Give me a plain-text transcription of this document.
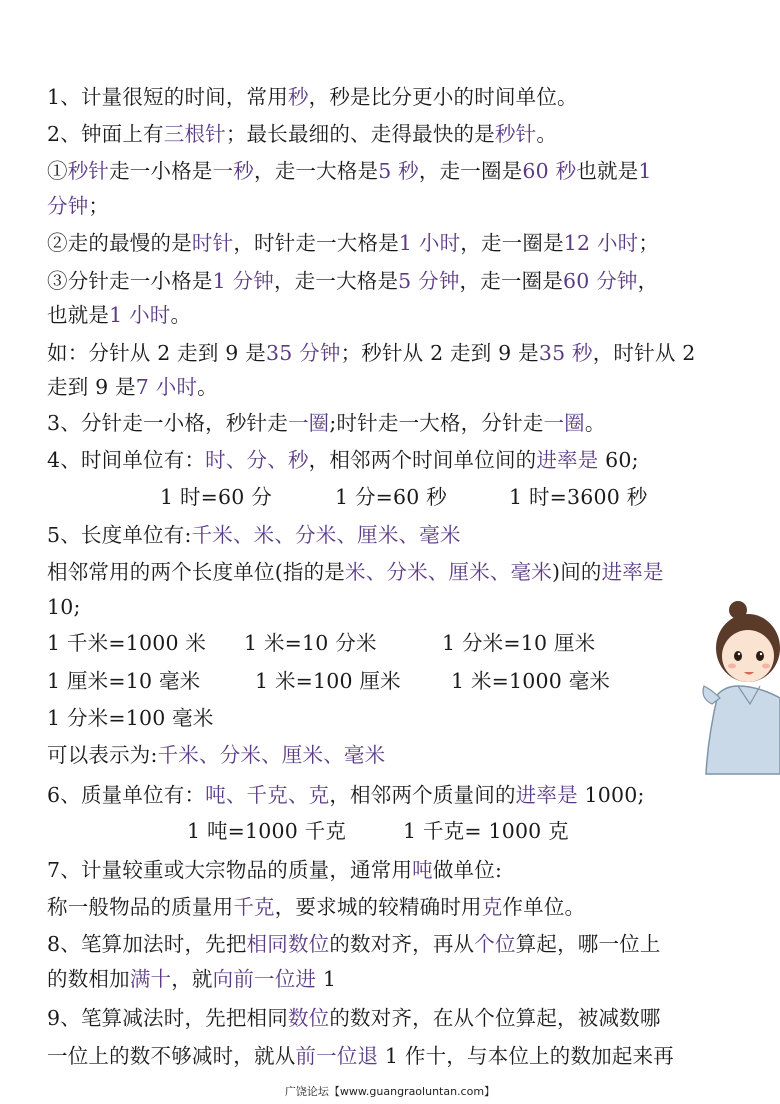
1、计量很短的时间，常用秒，秒是比分更小的时间单位。
2、钟面上有三根针；最长最细的、走得最快的是秒针。
①秒针走一小格是一秒，走一大格是5 秒，走一圈是60 秒也就是1
分钟；
②走的最慢的是时针，时针走一大格是1 小时，走一圈是12 小时；
③分针走一小格是1 分钟，走一大格是5 分钟，走一圈是60 分钟，
也就是1 小时。
如：分针从 2 走到 9 是35 分钟；秒针从 2 走到 9 是35 秒，时针从 2
走到 9 是7 小时。
3、分针走一小格，秒针走一圈;时针走一大格，分针走一圈。
4、时间单位有：时、分、秒，相邻两个时间单位间的进率是 60;
1 时=60 分	1 分=60 秒	1 时=3600 秒
5、长度单位有:千米、米、分米、厘米、毫米
相邻常用的两个长度单位(指的是米、分米、厘米、毫米)间的进率是
10;
1 千米=1000 米 1 米=10 分米	1 分米=10 厘米
1 厘米=10 毫米	1 米=100 厘米 1 米=1000 毫米
1 分米=100 毫米
可以表示为:千米、分米、厘米、毫米
6、质量单位有：吨、千克、克，相邻两个质量间的进率是 1000;
1 吨=1000 千克	1 千克= 1000 克
7、计量较重或大宗物品的质量，通常用吨做单位:
称一般物品的质量用千克，要求城的较精确时用克作单位。
8、笔算加法时，先把相同数位的数对齐，再从个位算起，哪一位上
的数相加满十，就向前一位进 1
9、笔算减法时，先把相同数位的数对齐，在从个位算起，被减数哪
一位上的数不够减时，就从前一位退 1 作十，与本位上的数加起来再
广饶论坛【www.guangraoluntan.com】
